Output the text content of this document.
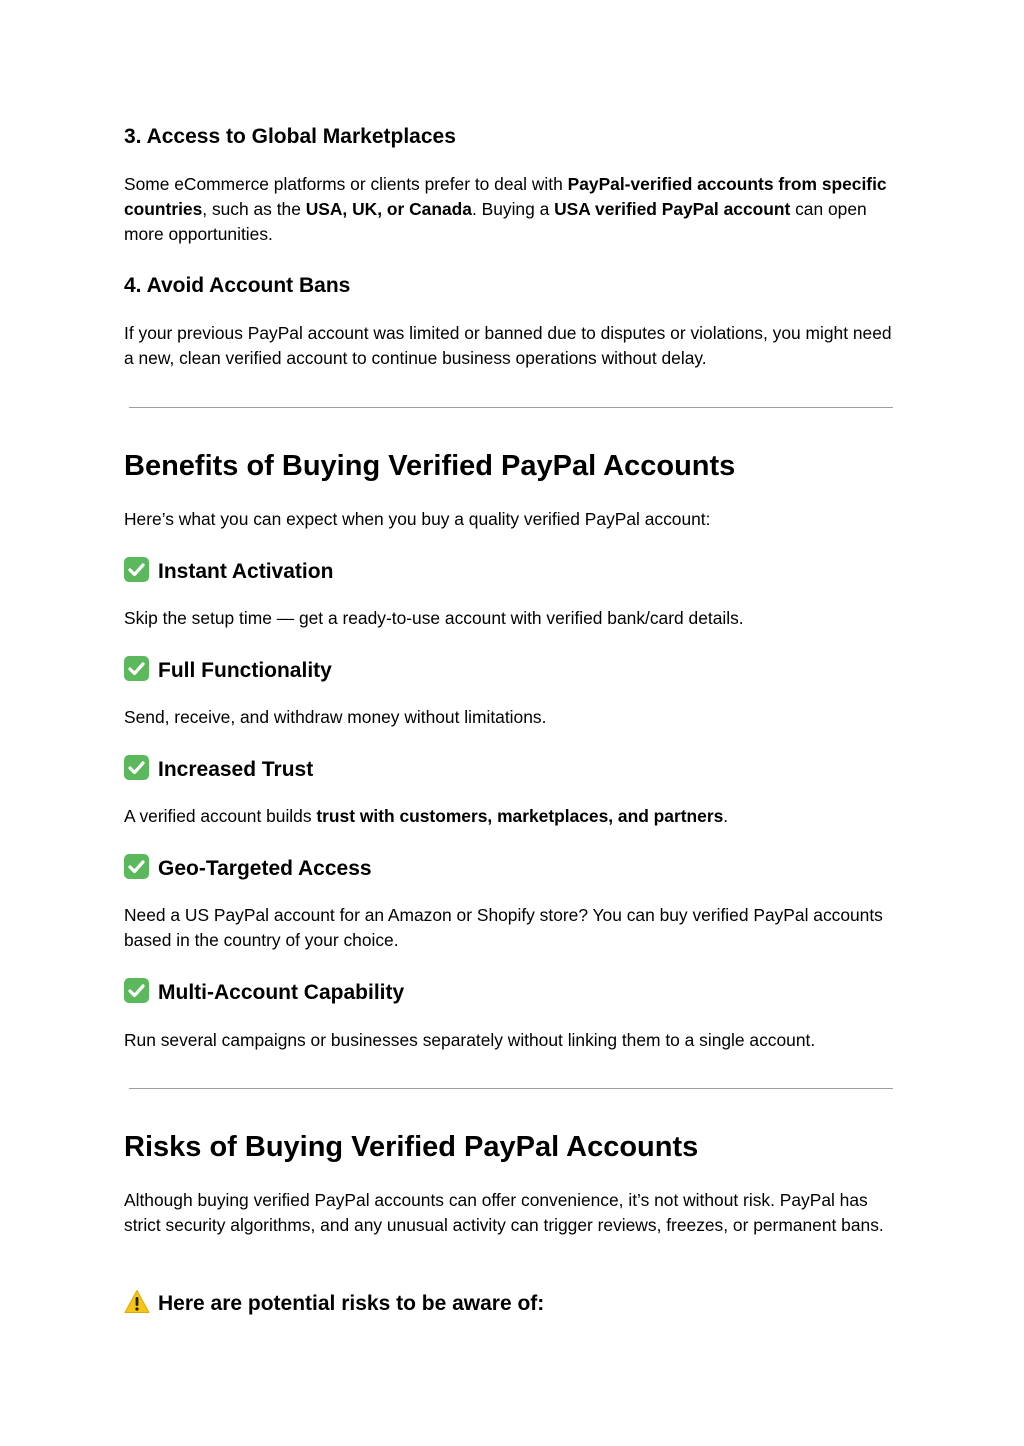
3. Access to Global Marketplaces

Some eCommerce platforms or clients prefer to deal with PayPal-verified accounts from specific countries, such as the USA, UK, or Canada. Buying a USA verified PayPal account can open more opportunities.

4. Avoid Account Bans

If your previous PayPal account was limited or banned due to disputes or violations, you might need a new, clean verified account to continue business operations without delay.

Benefits of Buying Verified PayPal Accounts

Here’s what you can expect when you buy a quality verified PayPal account:

Instant Activation

Skip the setup time — get a ready-to-use account with verified bank/card details.

Full Functionality

Send, receive, and withdraw money without limitations.

Increased Trust

A verified account builds trust with customers, marketplaces, and partners.

Geo-Targeted Access

Need a US PayPal account for an Amazon or Shopify store? You can buy verified PayPal accounts based in the country of your choice.

Multi-Account Capability

Run several campaigns or businesses separately without linking them to a single account.

Risks of Buying Verified PayPal Accounts

Although buying verified PayPal accounts can offer convenience, it’s not without risk. PayPal has strict security algorithms, and any unusual activity can trigger reviews, freezes, or permanent bans.

Here are potential risks to be aware of:
